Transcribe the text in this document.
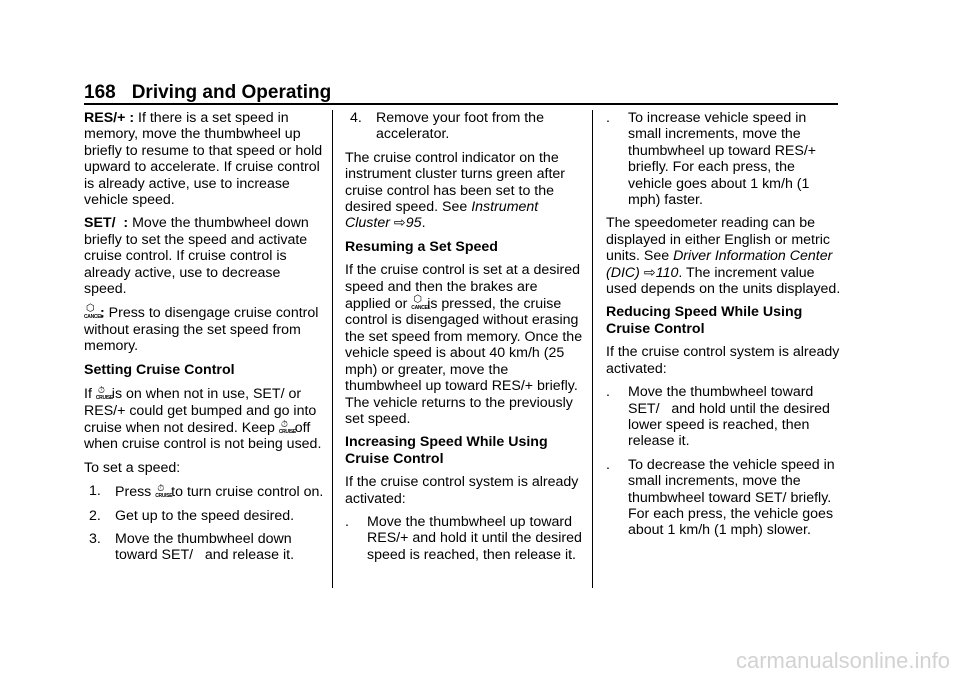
168 Driving and Operating

RES/+ : If there is a set speed in memory, move the thumbwheel up briefly to resume to that speed or hold upward to accelerate. If cruise control is already active, use to increase vehicle speed.

SET/  : Move the thumbwheel down briefly to set the speed and activate cruise control. If cruise control is already active, use to decrease speed.

⬡
CANCEL
: Press to disengage cruise control without erasing the set speed from memory.

Setting Cruise Control

If ⏱
CRUISE
is on when not in use, SET/ or RES/+ could get bumped and go into cruise when not desired. Keep ⏱
CRUISE
off when cruise control is not being used.

To set a speed:

1. Press ⏱
CRUISE
to turn cruise control on.
2. Get up to the speed desired.
3. Move the thumbwheel down toward SET/   and release it.
4. Remove your foot from the accelerator.

The cruise control indicator on the instrument cluster turns green after cruise control has been set to the desired speed. See Instrument Cluster ⇨95.

Resuming a Set Speed

If the cruise control is set at a desired speed and then the brakes are applied or ⬡
CANCEL
is pressed, the cruise control is disengaged without erasing the set speed from memory. Once the vehicle speed is about 40 km/h (25 mph) or greater, move the thumbwheel up toward RES/+ briefly. The vehicle returns to the previously set speed.

Increasing Speed While Using Cruise Control

If the cruise control system is already activated:

.	Move the thumbwheel up toward RES/+ and hold it until the desired speed is reached, then release it.
.	To increase vehicle speed in small increments, move the thumbwheel up toward RES/+ briefly. For each press, the vehicle goes about 1 km/h (1 mph) faster.

The speedometer reading can be displayed in either English or metric units. See Driver Information Center (DIC) ⇨110. The increment value used depends on the units displayed.

Reducing Speed While Using Cruise Control

If the cruise control system is already activated:

.	Move the thumbwheel toward SET/   and hold until the desired lower speed is reached, then release it.
.	To decrease the vehicle speed in small increments, move the thumbwheel toward SET/ briefly. For each press, the vehicle goes about 1 km/h (1 mph) slower.
carmanualsonline.info
